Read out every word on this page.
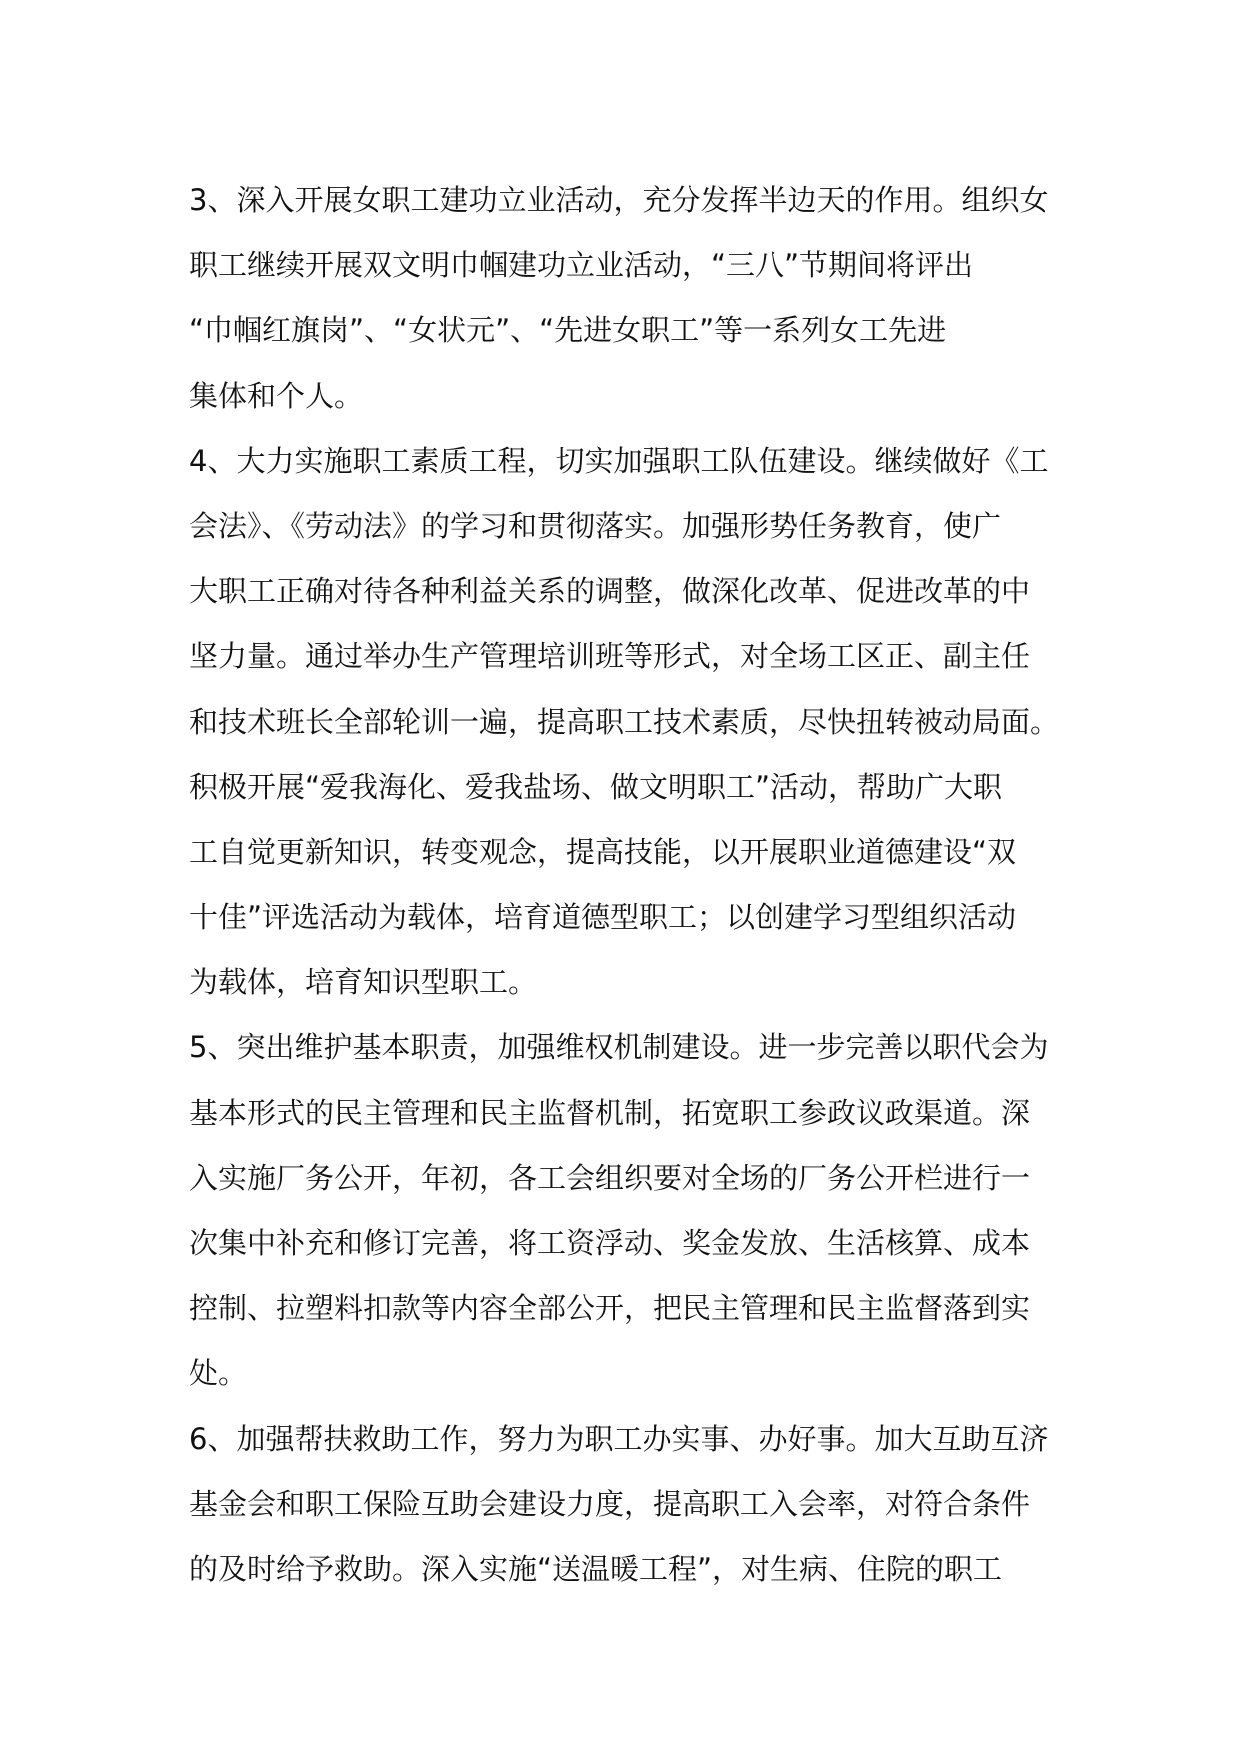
3、深入开展女职工建功立业活动，充分发挥半边天的作用。组织女
职工继续开展双文明巾帼建功立业活动，“三八”节期间将评出
“巾帼红旗岗”、“女状元”、“先进女职工”等一系列女工先进
集体和个人。
4、大力实施职工素质工程，切实加强职工队伍建设。继续做好《工
会法》、《劳动法》的学习和贯彻落实。加强形势任务教育，使广
大职工正确对待各种利益关系的调整，做深化改革、促进改革的中
坚力量。通过举办生产管理培训班等形式，对全场工区正、副主任
和技术班长全部轮训一遍，提高职工技术素质，尽快扭转被动局面。
积极开展“爱我海化、爱我盐场、做文明职工”活动，帮助广大职
工自觉更新知识，转变观念，提高技能，以开展职业道德建设“双
十佳”评选活动为载体，培育道德型职工；以创建学习型组织活动
为载体，培育知识型职工。
5、突出维护基本职责，加强维权机制建设。进一步完善以职代会为
基本形式的民主管理和民主监督机制，拓宽职工参政议政渠道。深
入实施厂务公开，年初，各工会组织要对全场的厂务公开栏进行一
次集中补充和修订完善，将工资浮动、奖金发放、生活核算、成本
控制、拉塑料扣款等内容全部公开，把民主管理和民主监督落到实
处。
6、加强帮扶救助工作，努力为职工办实事、办好事。加大互助互济
基金会和职工保险互助会建设力度，提高职工入会率，对符合条件
的及时给予救助。深入实施“送温暖工程”，对生病、住院的职工
